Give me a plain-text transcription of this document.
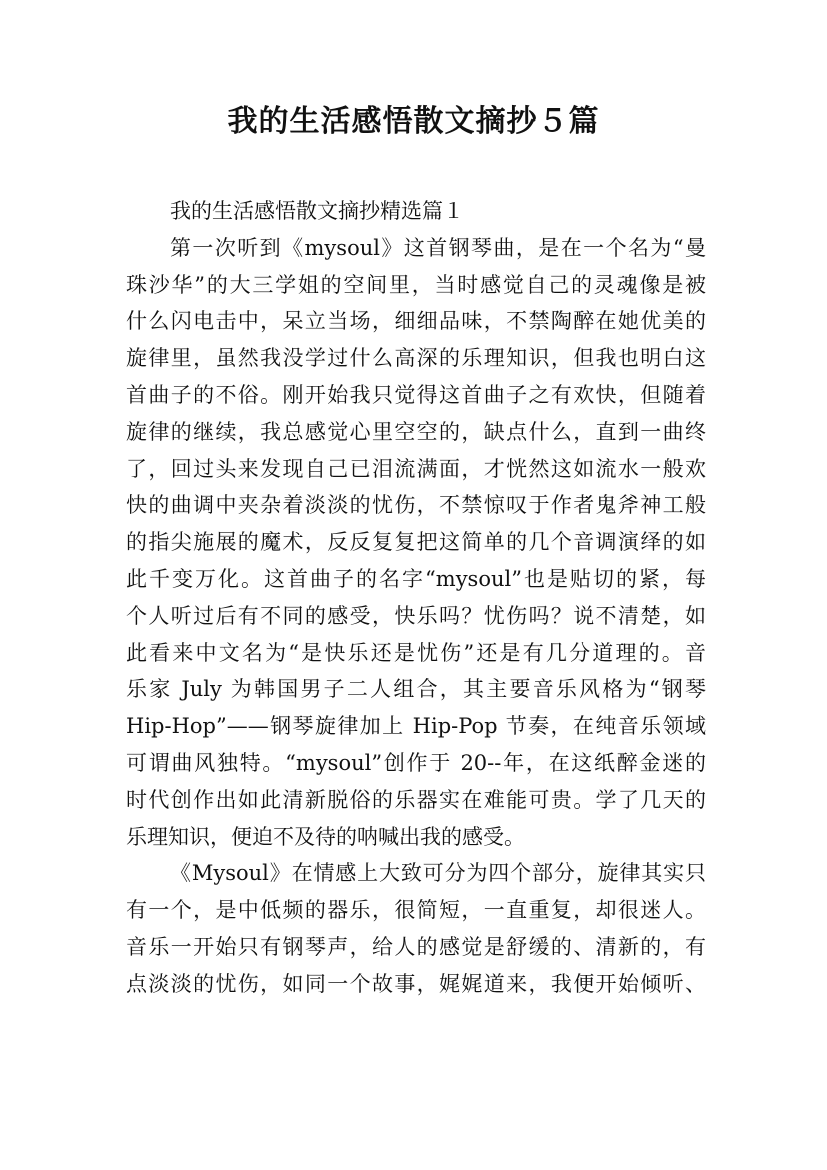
我的生活感悟散文摘抄５篇
我的生活感悟散文摘抄精选篇１
第一次听到《mysoul》这首钢琴曲，是在一个名为“曼
珠沙华”的大三学姐的空间里，当时感觉自己的灵魂像是被
什么闪电击中，呆立当场，细细品味，不禁陶醉在她优美的
旋律里，虽然我没学过什么高深的乐理知识，但我也明白这
首曲子的不俗。刚开始我只觉得这首曲子之有欢快，但随着
旋律的继续，我总感觉心里空空的，缺点什么，直到一曲终
了，回过头来发现自己已泪流满面，才恍然这如流水一般欢
快的曲调中夹杂着淡淡的忧伤，不禁惊叹于作者鬼斧神工般
的指尖施展的魔术，反反复复把这简单的几个音调演绎的如
此千变万化。这首曲子的名字“mysoul”也是贴切的紧，每
个人听过后有不同的感受，快乐吗？忧伤吗？说不清楚，如
此看来中文名为“是快乐还是忧伤”还是有几分道理的。音
乐家 July 为韩国男子二人组合，其主要音乐风格为“钢琴
Hip-Hop”——钢琴旋律加上 Hip-Pop 节奏，在纯音乐领域
可谓曲风独特。“mysoul”创作于 20--年，在这纸醉金迷的
时代创作出如此清新脱俗的乐器实在难能可贵。学了几天的
乐理知识，便迫不及待的呐喊出我的感受。
《Mysoul》在情感上大致可分为四个部分，旋律其实只
有一个，是中低频的器乐，很简短，一直重复，却很迷人。
音乐一开始只有钢琴声，给人的感觉是舒缓的、清新的，有
点淡淡的忧伤，如同一个故事，娓娓道来，我便开始倾听、
